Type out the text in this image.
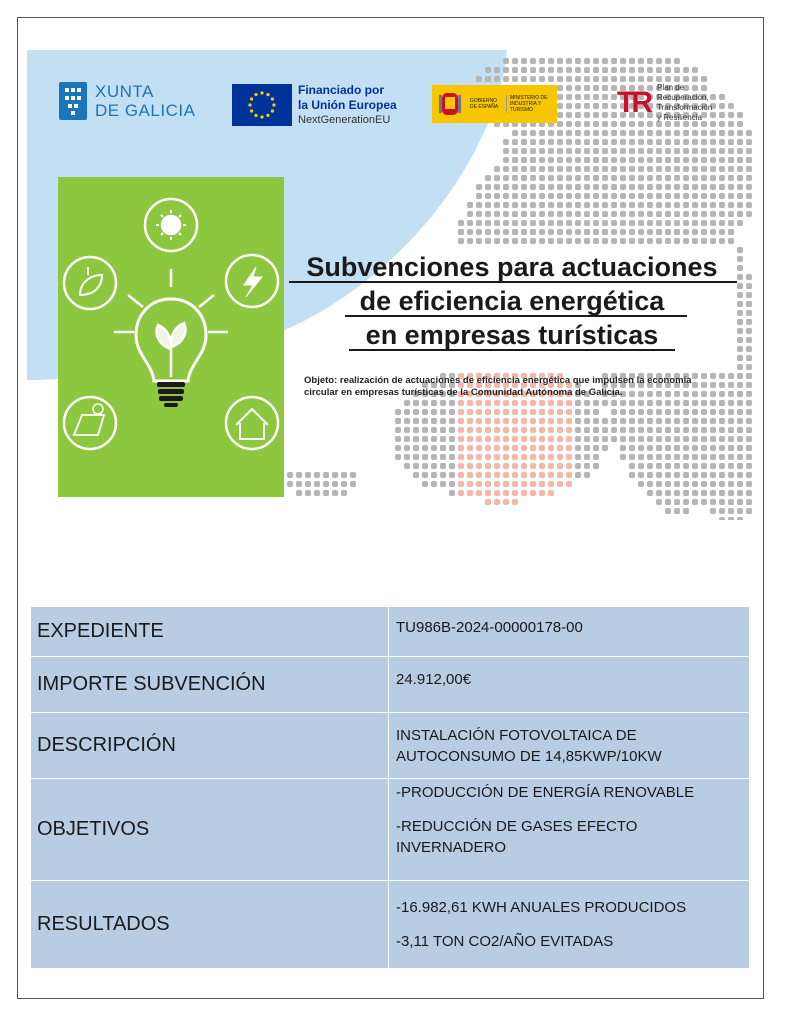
XUNTA
DE GALICIA
Financiado por
la Unión Europea
NextGenerationEU
GOBIERNO DE ESPAÑA
MINISTERIO DE INDUSTRIA Y TURISMO	TR Plan de
Recuperación,
Transformación
y Resiliencia
Subvenciones para actuaciones
de eficiencia energética
en empresas turísticas
Objeto: realización de actuaciones de eficiencia energética que impulsen la economía circular en empresas turísticas de la Comunidad Autónoma de Galicia.
EXPEDIENTE	TU986B-2024-00000178-00
IMPORTE SUBVENCIÓN	24.912,00€
DESCRIPCIÓN	INSTALACIÓN FOTOVOLTAICA DE AUTOCONSUMO DE 14,85KWP/10KW
OBJETIVOS	-PRODUCCIÓN DE ENERGÍA RENOVABLE

-REDUCCIÓN DE GASES EFECTO INVERNADERO

RESULTADOS	-16.982,61 KWH ANUALES PRODUCIDOS

-3,11 TON CO2/AÑO EVITADAS
